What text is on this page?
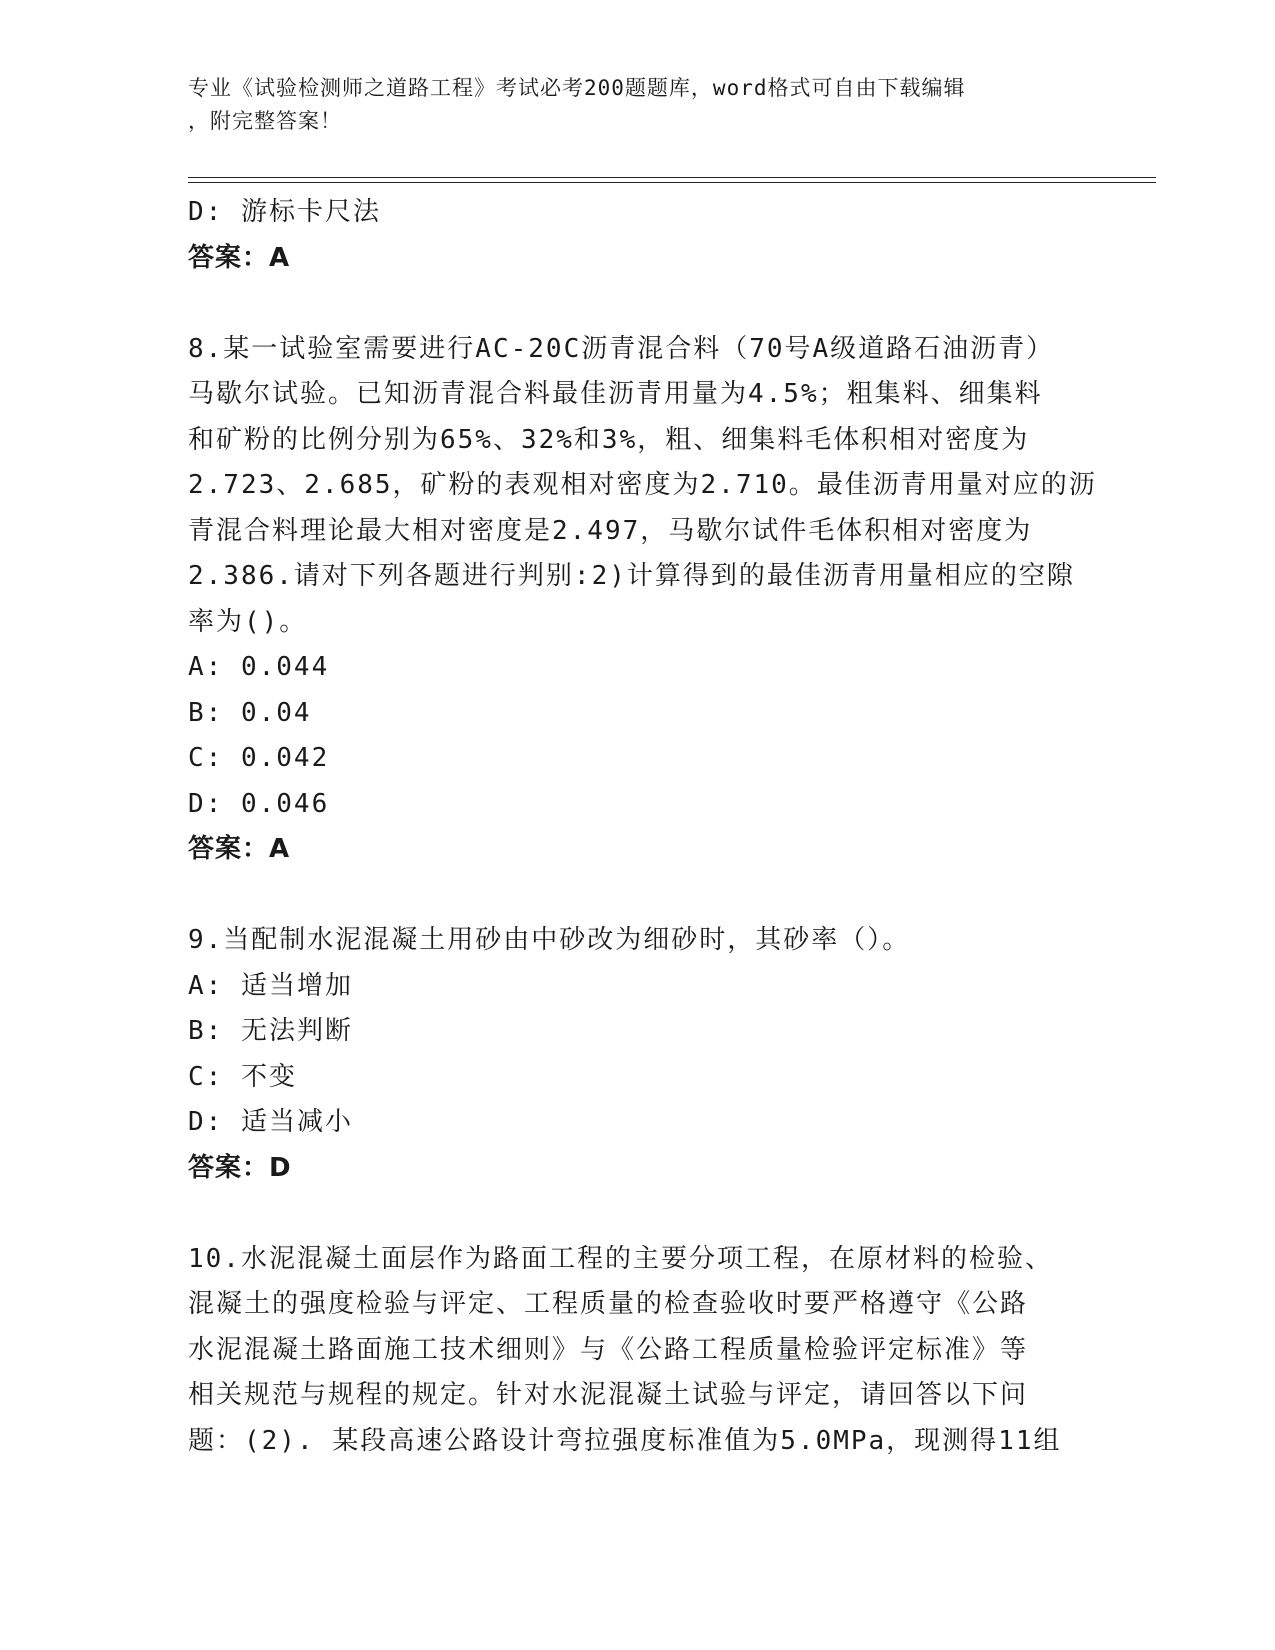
专业《试验检测师之道路工程》考试必考200题题库，word格式可自由下载编辑
，附完整答案！
D: 游标卡尺法
答案：A
8.某一试验室需要进行AC-20C沥青混合料（70号A级道路石油沥青）
马歇尔试验。已知沥青混合料最佳沥青用量为4.5%；粗集料、细集料
和矿粉的比例分别为65%、32%和3%，粗、细集料毛体积相对密度为
2.723、2.685，矿粉的表观相对密度为2.710。最佳沥青用量对应的沥
青混合料理论最大相对密度是2.497，马歇尔试件毛体积相对密度为
2.386.请对下列各题进行判别:2)计算得到的最佳沥青用量相应的空隙
率为()。
A: 0.044
B: 0.04
C: 0.042
D: 0.046
答案：A
9.当配制水泥混凝土用砂由中砂改为细砂时，其砂率（）。
A: 适当增加
B: 无法判断
C: 不变
D: 适当减小
答案：D
10.水泥混凝土面层作为路面工程的主要分项工程，在原材料的检验、
混凝土的强度检验与评定、工程质量的检查验收时要严格遵守《公路
水泥混凝土路面施工技术细则》与《公路工程质量检验评定标准》等
相关规范与规程的规定。针对水泥混凝土试验与评定，请回答以下问
题：(2). 某段高速公路设计弯拉强度标准值为5.0MPa，现测得11组
